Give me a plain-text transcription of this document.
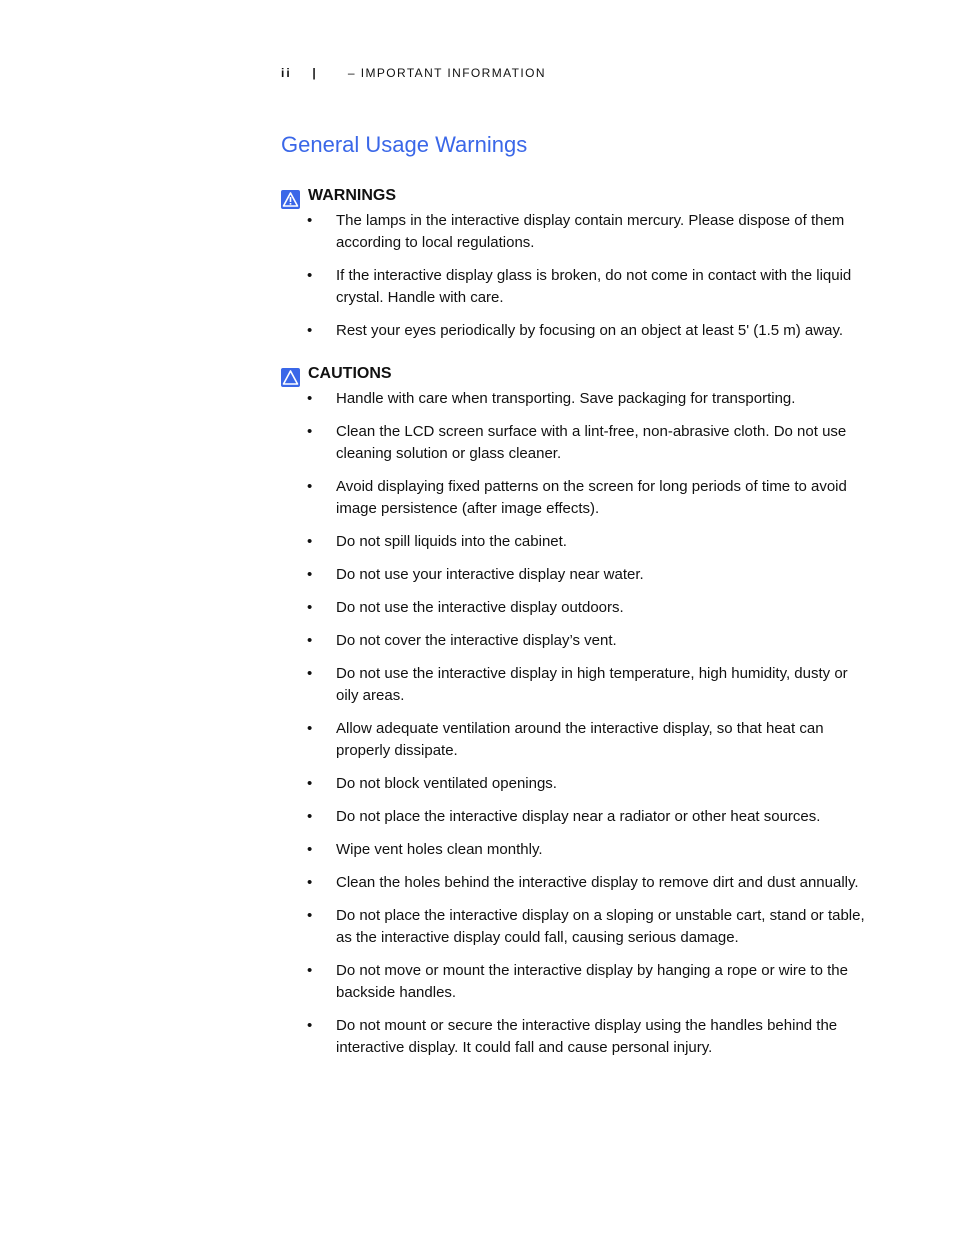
ii |	– IMPORTANT INFORMATION
General Usage Warnings
WARNINGS
• The lamps in the interactive display contain mercury. Please dispose of them according to local regulations.
• If the interactive display glass is broken, do not come in contact with the liquid crystal. Handle with care.
• Rest your eyes periodically by focusing on an object at least 5' (1.5 m) away.
CAUTIONS
• Handle with care when transporting. Save packaging for transporting.
• Clean the LCD screen surface with a lint-free, non-abrasive cloth. Do not use cleaning solution or glass cleaner.
• Avoid displaying fixed patterns on the screen for long periods of time to avoid image persistence (after image effects).
• Do not spill liquids into the cabinet.
• Do not use your interactive display near water.
• Do not use the interactive display outdoors.
• Do not cover the interactive display’s vent.
• Do not use the interactive display in high temperature, high humidity, dusty or oily areas.
• Allow adequate ventilation around the interactive display, so that heat can properly dissipate.
• Do not block ventilated openings.
• Do not place the interactive display near a radiator or other heat sources.
• Wipe vent holes clean monthly.
• Clean the holes behind the interactive display to remove dirt and dust annually.
• Do not place the interactive display on a sloping or unstable cart, stand or table, as the interactive display could fall, causing serious damage.
• Do not move or mount the interactive display by hanging a rope or wire to the backside handles.
• Do not mount or secure the interactive display using the handles behind the interactive display. It could fall and cause personal injury.
